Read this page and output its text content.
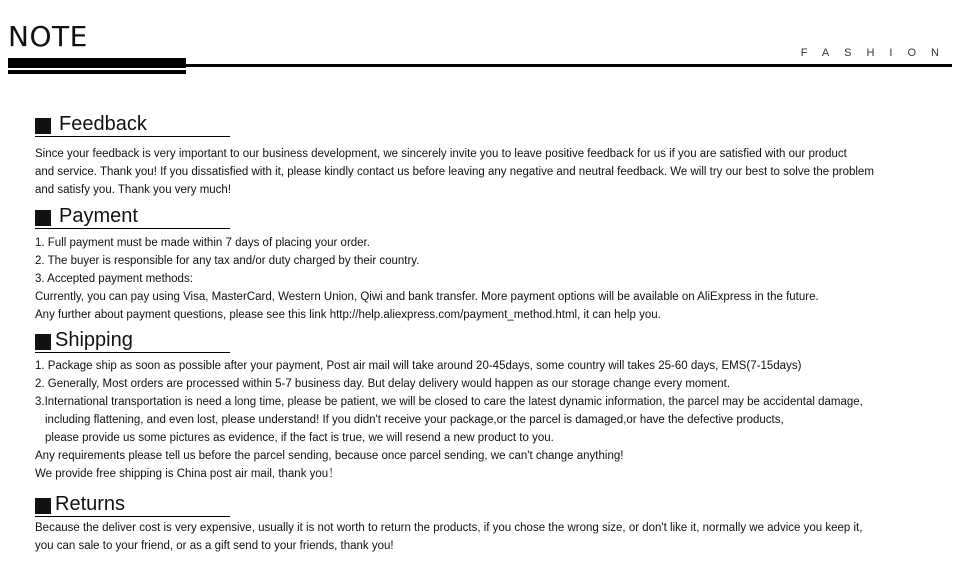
NOTE	FASHION
Feedback

Since your feedback is very important to our business development, we sincerely invite you to leave positive feedback for us if you are satisfied with our product

and service. Thank you! If you dissatisfied with it, please kindly contact us before leaving any negative and neutral feedback. We will try our best to solve the problem

and satisfy you. Thank you very much!

Payment

1. Full payment must be made within 7 days of placing your order.

2. The buyer is responsible for any tax and/or duty charged by their country.

3. Accepted payment methods:

Currently, you can pay using Visa, MasterCard, Western Union, Qiwi and bank transfer. More payment options will be available on AliExpress in the future.

Any further about payment questions, please see this link http://help.aliexpress.com/payment_method.html, it can help you.

Shipping

1. Package ship as soon as possible after your payment, Post air mail will take around 20-45days, some country will takes 25-60 days, EMS(7-15days)

2. Generally, Most orders are processed within 5-7 business day. But delay delivery would happen as our storage change every moment.

3.International transportation is need a long time, please be patient, we will be closed to care the latest dynamic information, the parcel may be accidental damage,

including flattening, and even lost, please understand! If you didn't receive your package,or the parcel is damaged,or have the defective products,

please provide us some pictures as evidence, if the fact is true, we will resend a new product to you.

Any requirements please tell us before the parcel sending, because once parcel sending, we can't change anything!

We provide free shipping is China post air mail, thank you！

Returns

Because the deliver cost is very expensive, usually it is not worth to return the products, if you chose the wrong size, or don't like it, normally we advice you keep it,

you can sale to your friend, or as a gift send to your friends, thank you!
